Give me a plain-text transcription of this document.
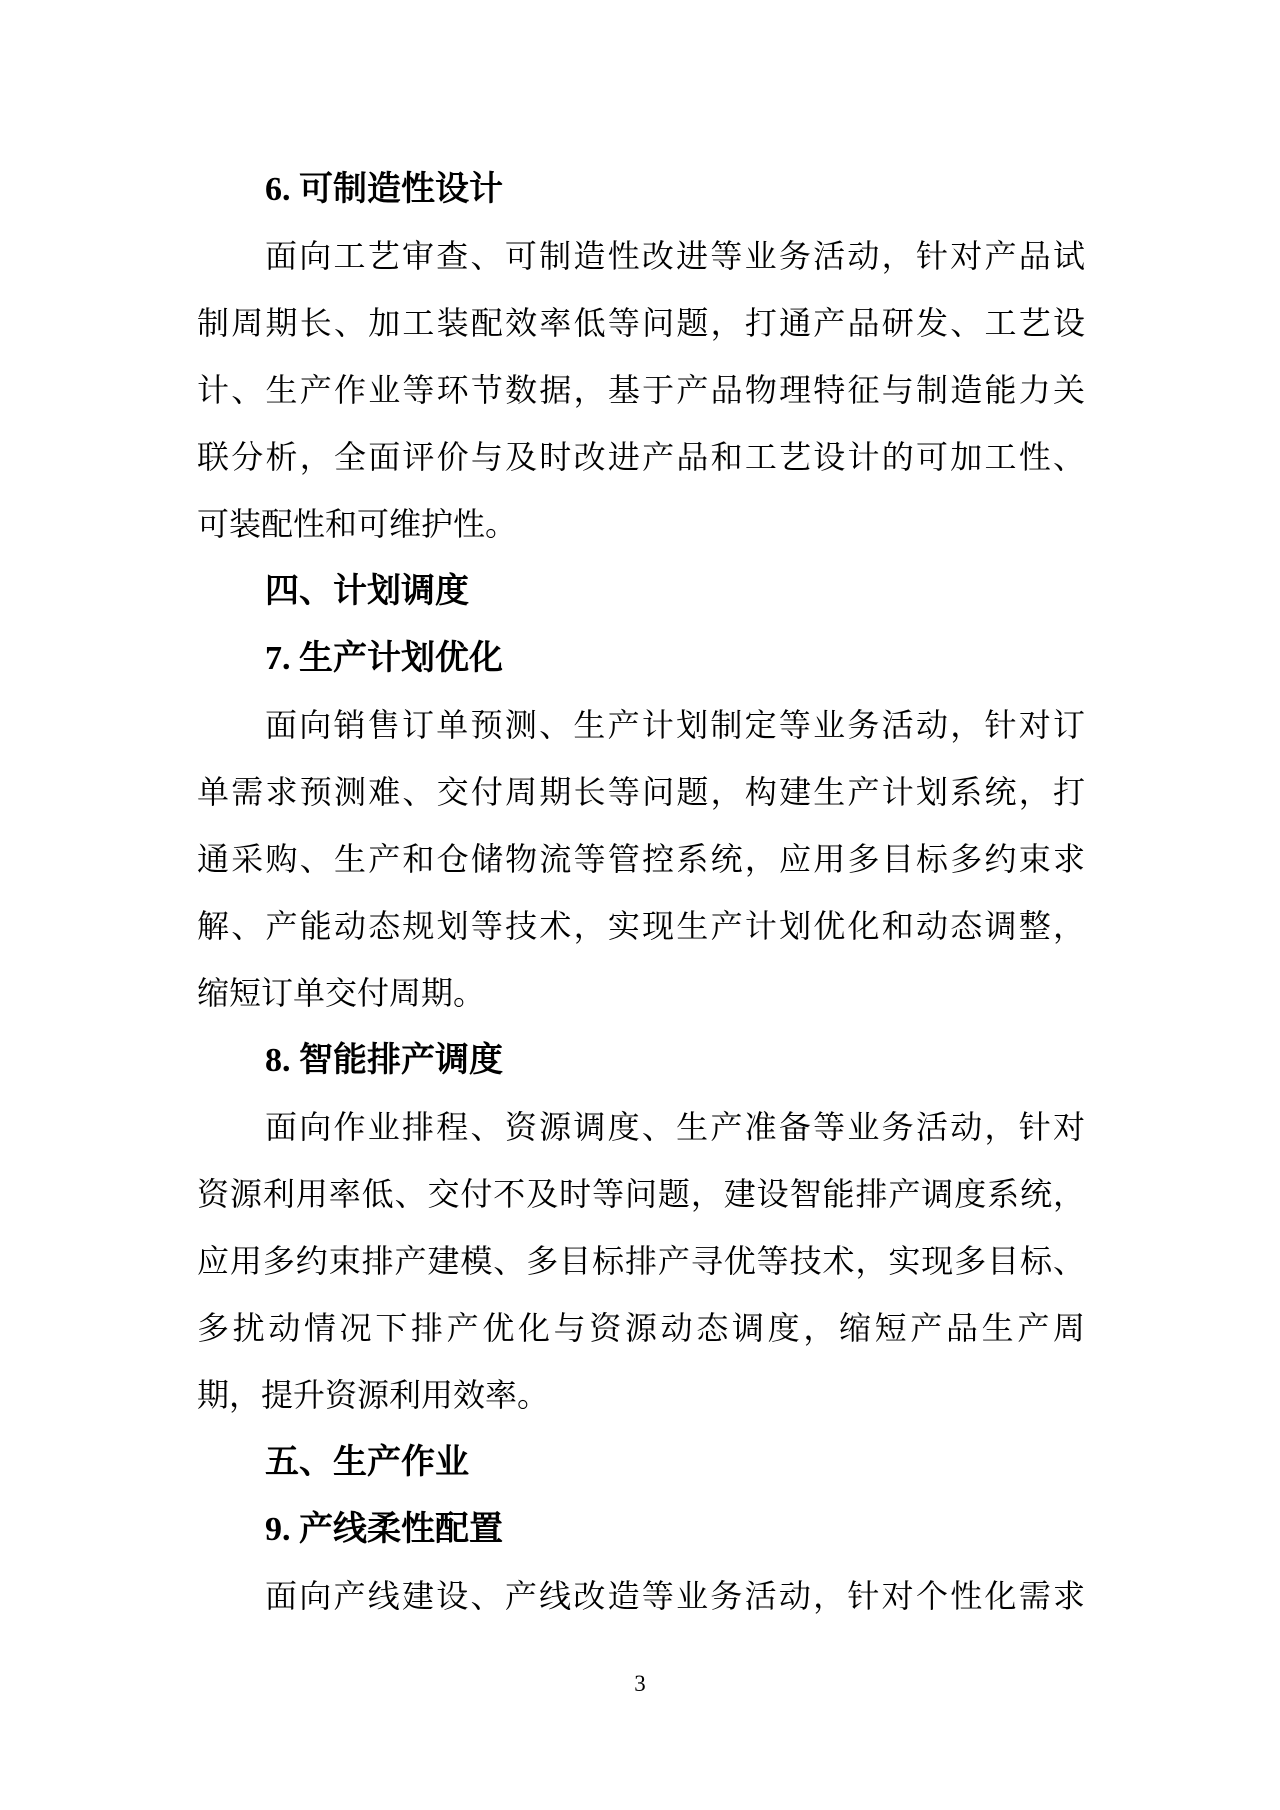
6. 可制造性设计
面向工艺审查、可制造性改进等业务活动，针对产品试
制周期长、加工装配效率低等问题，打通产品研发、工艺设
计、生产作业等环节数据，基于产品物理特征与制造能力关
联分析，全面评价与及时改进产品和工艺设计的可加工性、
可装配性和可维护性。
四、计划调度
7. 生产计划优化
面向销售订单预测、生产计划制定等业务活动，针对订
单需求预测难、交付周期长等问题，构建生产计划系统，打
通采购、生产和仓储物流等管控系统，应用多目标多约束求
解、产能动态规划等技术，实现生产计划优化和动态调整，
缩短订单交付周期。
8. 智能排产调度
面向作业排程、资源调度、生产准备等业务活动，针对
资源利用率低、交付不及时等问题，建设智能排产调度系统，
应用多约束排产建模、多目标排产寻优等技术，实现多目标、
多扰动情况下排产优化与资源动态调度，缩短产品生产周
期，提升资源利用效率。
五、生产作业
9. 产线柔性配置
面向产线建设、产线改造等业务活动，针对个性化需求
3
